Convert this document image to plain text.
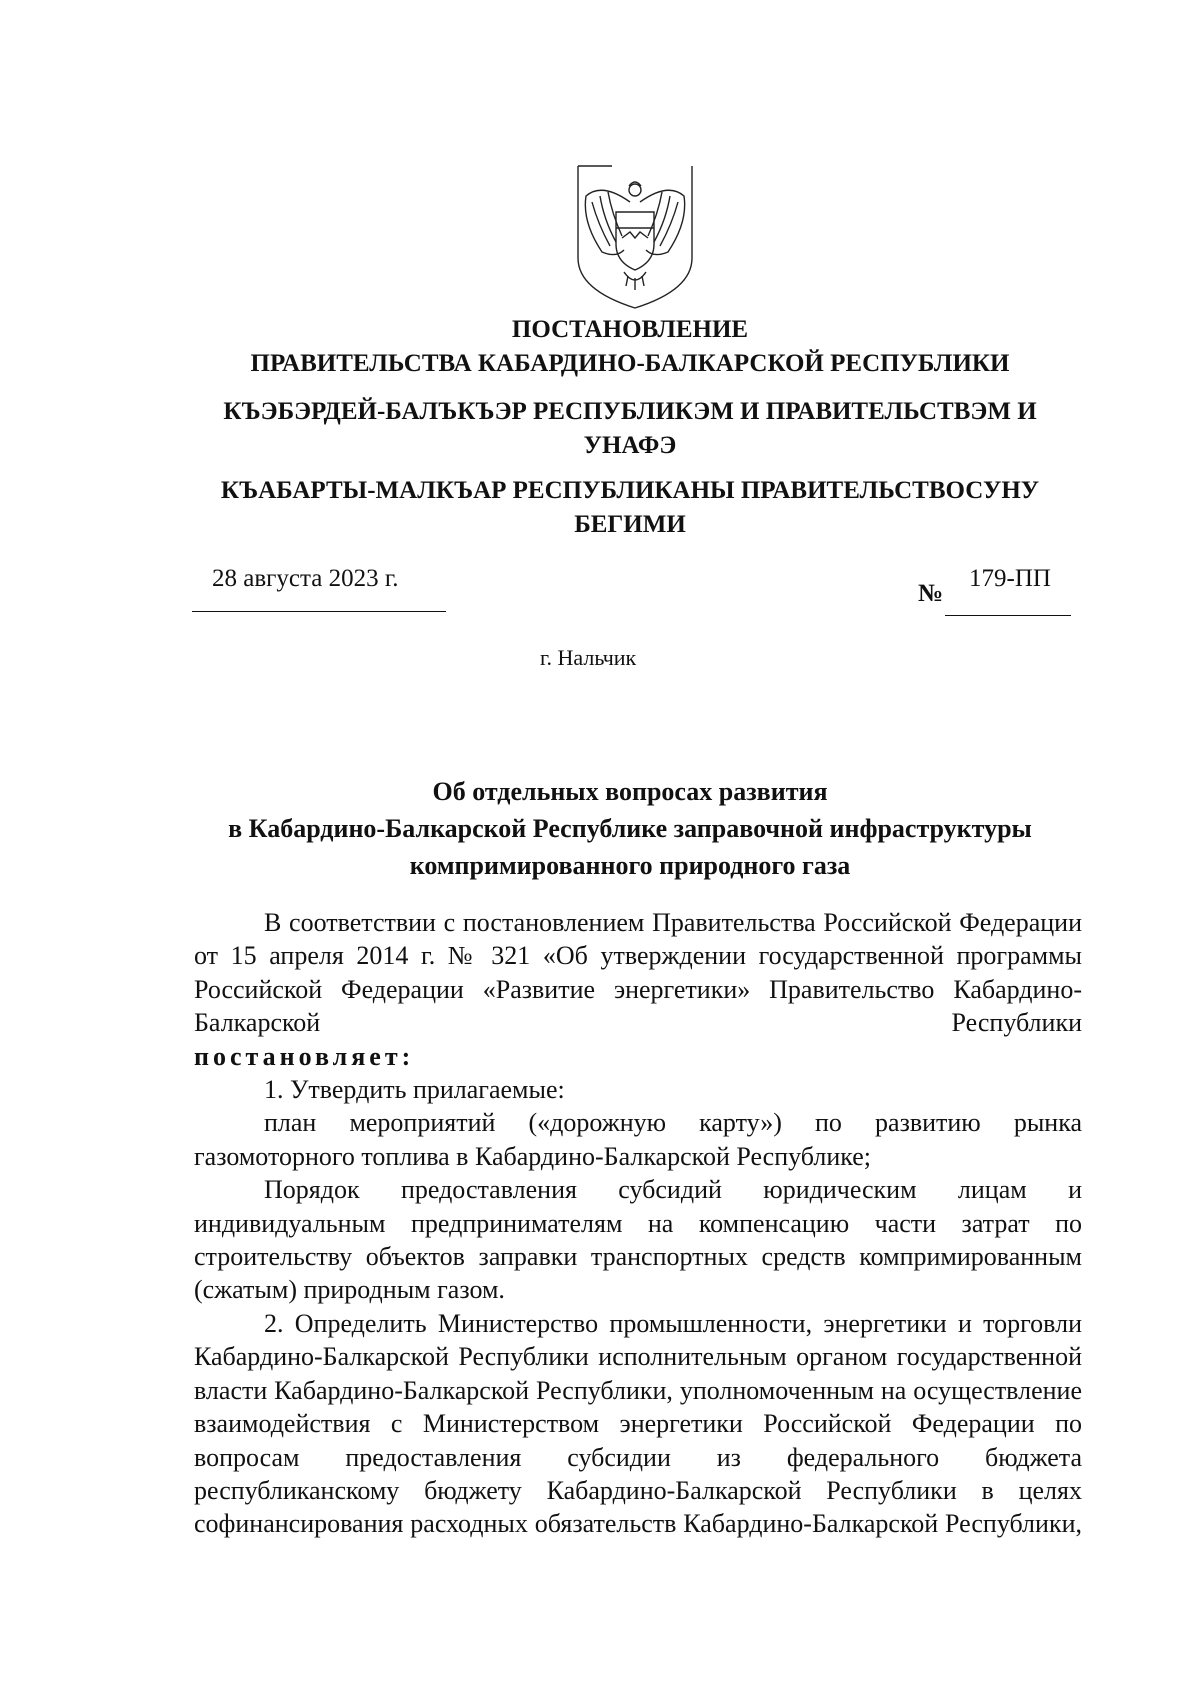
ПОСТАНОВЛЕНИЕ
ПРАВИТЕЛЬСТВА КАБАРДИНО-БАЛКАРСКОЙ РЕСПУБЛИКИ
КЪЭБЭРДЕЙ-БАЛЪКЪЭР РЕСПУБЛИКЭМ И ПРАВИТЕЛЬСТВЭМ И
УНАФЭ
КЪАБАРТЫ-МАЛКЪАР РЕСПУБЛИКАНЫ ПРАВИТЕЛЬСТВОСУНУ
БЕГИМИ
28 августа 2023 г.
№
179-ПП
г. Нальчик
Об отдельных вопросах развития
в Кабардино-Балкарской Республике заправочной инфраструктуры
компримированного природного газа

В соответствии с постановлением Правительства Российской Федерации от 15 апреля 2014 г. № 321 «Об утверждении государственной программы Российской Федерации «Развитие энергетики» Правительство Кабардино-Балкарской Республики

постановляет:

1. Утвердить прилагаемые:

план мероприятий («дорожную карту») по развитию рынка газомоторного топлива в Кабардино-Балкарской Республике;

Порядок предоставления субсидий юридическим лицам и индивидуальным предпринимателям на компенсацию части затрат по строительству объектов заправки транспортных средств компримированным (сжатым) природным газом.

2. Определить Министерство промышленности, энергетики и торговли Кабардино-Балкарской Республики исполнительным органом государственной власти Кабардино-Балкарской Республики, уполномоченным на осуществление взаимодействия с Министерством энергетики Российской Федерации по вопросам предоставления субсидии из федерального бюджета республиканскому бюджету Кабардино-Балкарской Республики в целях софинансирования расходных обязательств Кабардино-Балкарской Республики,
